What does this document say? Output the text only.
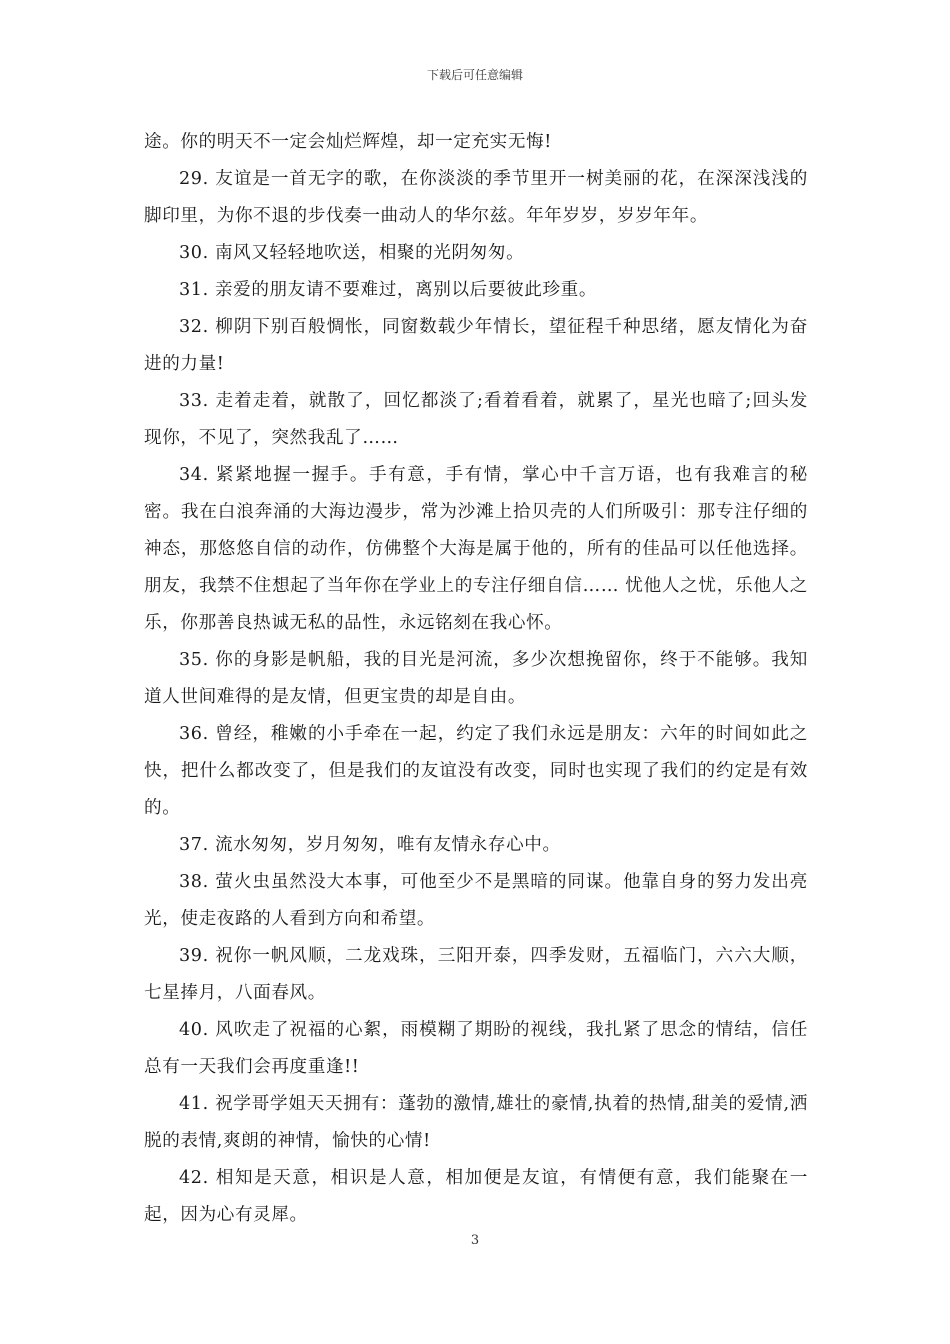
下载后可任意编辑

途。你的明天不一定会灿烂辉煌，却一定充实无悔!

29. 友谊是一首无字的歌，在你淡淡的季节里开一树美丽的花，在深深浅浅的脚印里，为你不退的步伐奏一曲动人的华尔兹。年年岁岁，岁岁年年。

30. 南风又轻轻地吹送，相聚的光阴匆匆。

31. 亲爱的朋友请不要难过，离别以后要彼此珍重。

32. 柳阴下别百般惆怅，同窗数载少年情长，望征程千种思绪，愿友情化为奋进的力量!

33. 走着走着，就散了，回忆都淡了;看着看着，就累了，星光也暗了;回头发现你，不见了，突然我乱了……

34. 紧紧地握一握手。手有意，手有情，掌心中千言万语，也有我难言的秘密。我在白浪奔涌的大海边漫步，常为沙滩上拾贝壳的人们所吸引：那专注仔细的神态，那悠悠自信的动作，仿佛整个大海是属于他的，所有的佳品可以任他选择。朋友，我禁不住想起了当年你在学业上的专注仔细自信…… 忧他人之忧，乐他人之乐，你那善良热诚无私的品性，永远铭刻在我心怀。

35. 你的身影是帆船，我的目光是河流，多少次想挽留你，终于不能够。我知道人世间难得的是友情，但更宝贵的却是自由。

36. 曾经，稚嫩的小手牵在一起，约定了我们永远是朋友：六年的时间如此之快，把什么都改变了，但是我们的友谊没有改变，同时也实现了我们的约定是有效的。

37. 流水匆匆，岁月匆匆，唯有友情永存心中。

38. 萤火虫虽然没大本事，可他至少不是黑暗的同谋。他靠自身的努力发出亮光，使走夜路的人看到方向和希望。

39. 祝你一帆风顺，二龙戏珠，三阳开泰，四季发财，五福临门，六六大顺，七星捧月，八面春风。

40. 风吹走了祝福的心絮，雨模糊了期盼的视线，我扎紧了思念的情结，信任总有一天我们会再度重逢!!

41. 祝学哥学姐天天拥有：蓬勃的激情,雄壮的豪情,执着的热情,甜美的爱情,洒脱的表情,爽朗的神情，愉快的心情!

42. 相知是天意，相识是人意，相加便是友谊，有情便有意，我们能聚在一起，因为心有灵犀。

3
